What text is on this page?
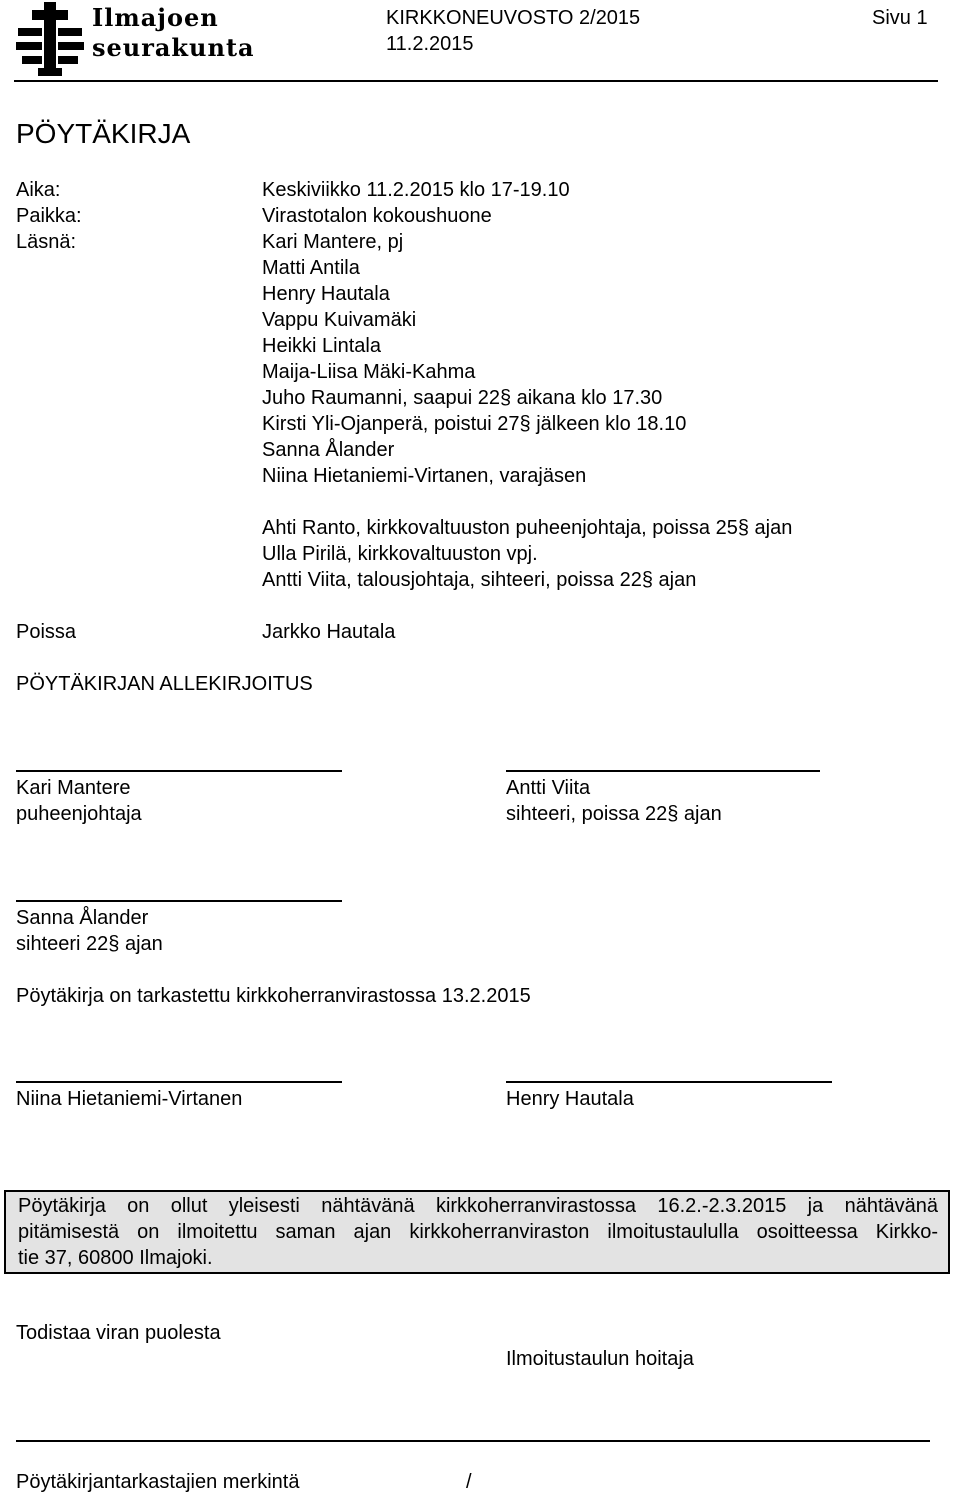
Ilmajoen
seurakunta
KIRKKONEUVOSTO 2/2015
11.2.2015
Sivu 1
PÖYTÄKIRJA
Aika:	Keskiviikko 11.2.2015 klo 17-19.10
Paikka:	Virastotalon kokoushuone
Läsnä:	Kari Mantere, pj
Matti Antila
Henry Hautala
Vappu Kuivamäki
Heikki Lintala
Maija-Liisa Mäki-Kahma
Juho Raumanni, saapui 22§ aikana klo 17.30
Kirsti Yli-Ojanperä, poistui 27§ jälkeen klo 18.10
Sanna Ålander
Niina Hietaniemi-Virtanen, varajäsen
Ahti Ranto, kirkkovaltuuston puheenjohtaja, poissa 25§ ajan
Ulla Pirilä, kirkkovaltuuston vpj.
Antti Viita, talousjohtaja, sihteeri, poissa 22§ ajan
Poissa	Jarkko Hautala
PÖYTÄKIRJAN ALLEKIRJOITUS
Kari Mantere
puheenjohtaja
Antti Viita
sihteeri, poissa 22§ ajan
Sanna Ålander
sihteeri 22§ ajan
Pöytäkirja on tarkastettu kirkkoherranvirastossa 13.2.2015
Niina Hietaniemi-Virtanen	Henry Hautala
Pöytäkirja on ollut yleisesti nähtävänä kirkkoherranvirastossa 16.2.-2.3.2015 ja nähtävänä
pitämisestä on ilmoitettu saman ajan kirkkoherranviraston ilmoitustaululla osoitteessa Kirkko-
tie 37, 60800 Ilmajoki.
Todistaa viran puolesta
Ilmoitustaulun hoitaja
Pöytäkirjantarkastajien merkintä	/
